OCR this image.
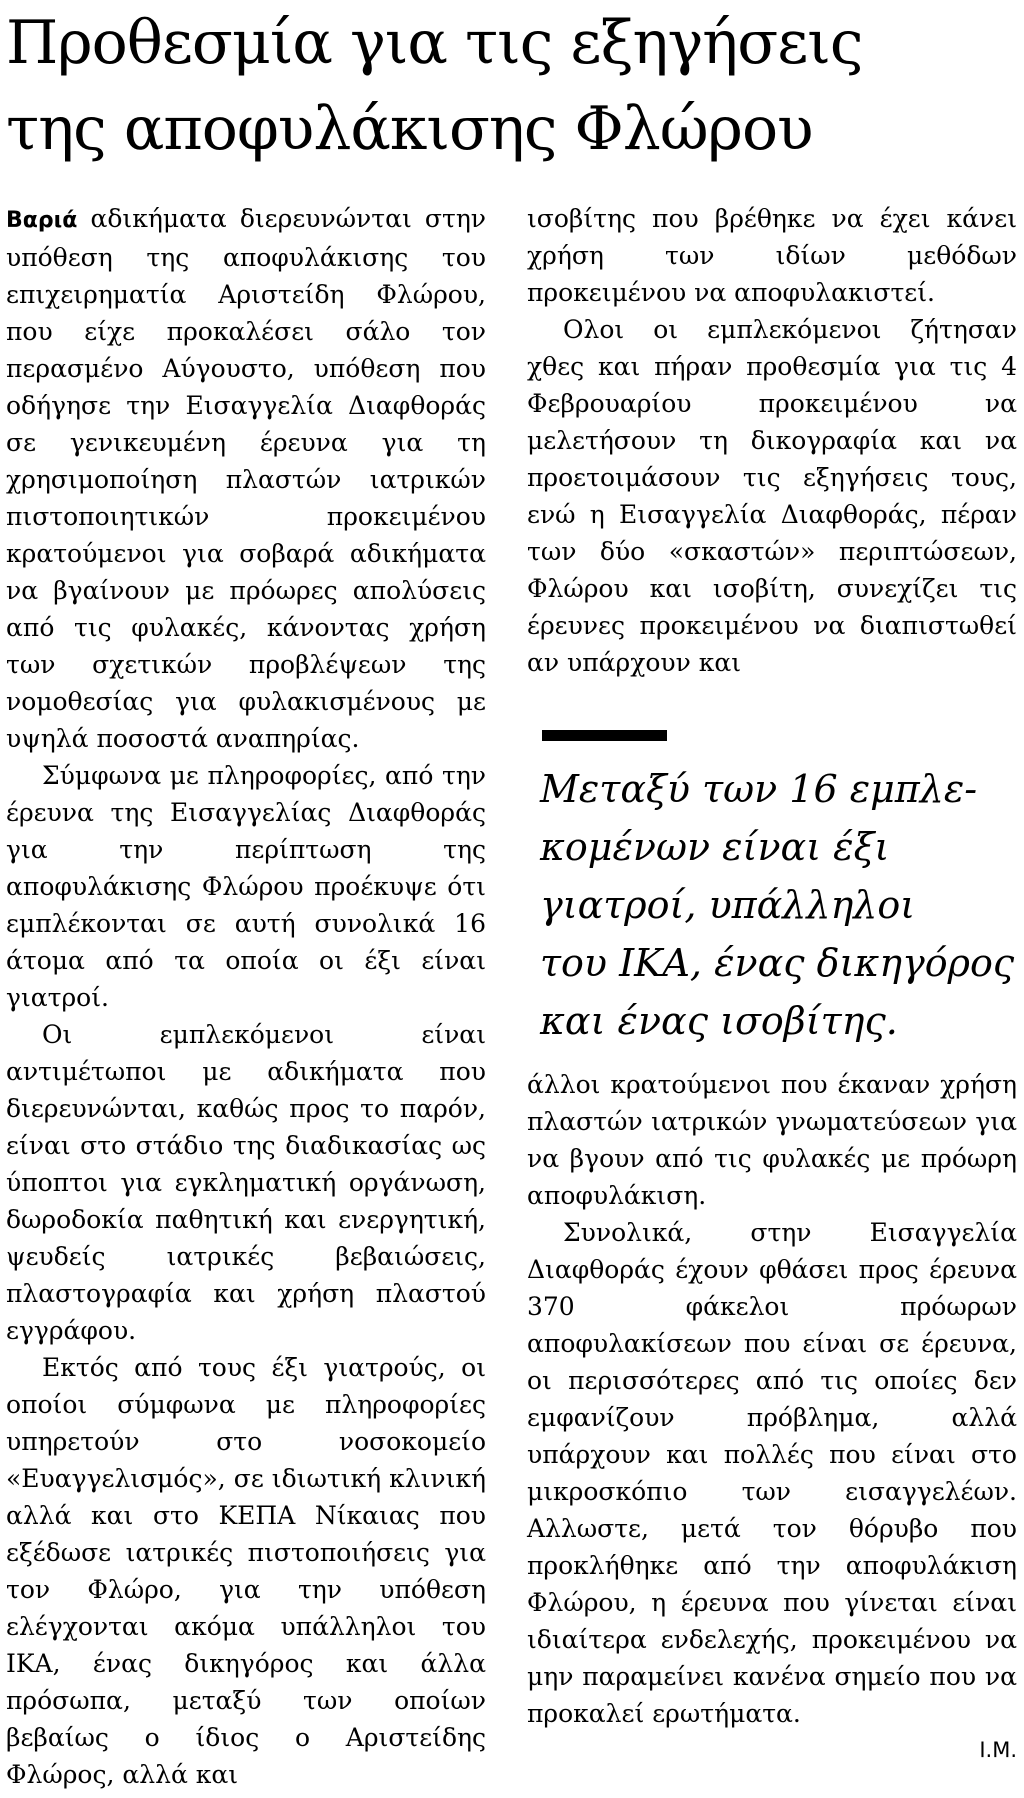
Προθεσμία για τις εξηγήσεις
της αποφυλάκισης Φλώρου

Βαριά αδικήματα διερευνώνται στην υπόθεση της αποφυλάκισης του επιχειρηματία Αριστείδη Φλώρου, που είχε προκαλέσει σάλο τον περασμένο Αύγουστο, υπόθεση που οδήγησε την Εισαγγελία Διαφθοράς σε γενικευμένη έρευνα για τη χρησιμοποίηση πλαστών ιατρικών πιστοποιητικών προκειμένου κρατούμενοι για σοβαρά αδικήματα να βγαίνουν με πρόωρες απολύσεις από τις φυλακές, κάνοντας χρήση των σχετικών προβλέψεων της νομοθεσίας για φυλακισμένους με υψηλά ποσοστά αναπηρίας.

Σύμφωνα με πληροφορίες, από την έρευνα της Εισαγγελίας Διαφθοράς για την περίπτωση της αποφυλάκισης Φλώρου προέκυψε ότι εμπλέκονται σε αυτή συνολικά 16 άτομα από τα οποία οι έξι είναι γιατροί.

Οι εμπλεκόμενοι είναι αντιμέτωποι με αδικήματα που διερευνώνται, καθώς προς το παρόν, είναι στο στάδιο της διαδικασίας ως ύποπτοι για εγκληματική οργάνωση, δωροδοκία παθητική και ενεργητική, ψευδείς ιατρικές βεβαιώσεις, πλαστογραφία και χρήση πλαστού εγγράφου.

Εκτός από τους έξι γιατρούς, οι οποίοι σύμφωνα με πληροφορίες υπηρετούν στο νοσοκομείο «Ευαγγελισμός», σε ιδιωτική κλινική αλλά και στο ΚΕΠΑ Νίκαιας που εξέδωσε ιατρικές πιστοποιήσεις για τον Φλώρο, για την υπόθεση ελέγχονται ακόμα υπάλληλοι του ΙΚΑ, ένας δικηγόρος και άλλα πρόσωπα, μεταξύ των οποίων βεβαίως ο ίδιος ο Αριστείδης Φλώρος, αλλά και

ισοβίτης που βρέθηκε να έχει κάνει χρήση των ιδίων μεθόδων προκειμένου να αποφυλακιστεί.

Ολοι οι εμπλεκόμενοι ζήτησαν χθες και πήραν προθεσμία για τις 4 Φεβρουαρίου προκειμένου να μελετήσουν τη δικογραφία και να προετοιμάσουν τις εξηγήσεις τους, ενώ η Εισαγγελία Διαφθοράς, πέραν των δύο «σκαστών» περιπτώσεων, Φλώρου και ισοβίτη, συνεχίζει τις έρευνες προκειμένου να διαπιστωθεί αν υπάρχουν και

Μεταξύ των 16 εμπλε-
κομένων είναι έξι
γιατροί, υπάλληλοι
του ΙΚΑ, ένας δικηγόρος
και ένας ισοβίτης.

άλλοι κρατούμενοι που έκαναν χρήση πλαστών ιατρικών γνωματεύσεων για να βγουν από τις φυλακές με πρόωρη αποφυλάκιση.

Συνολικά, στην Εισαγγελία Διαφθοράς έχουν φθάσει προς έρευνα 370 φάκελοι πρόωρων αποφυλακίσεων που είναι σε έρευνα, οι περισσότερες από τις οποίες δεν εμφανίζουν πρόβλημα, αλλά υπάρχουν και πολλές που είναι στο μικροσκόπιο των εισαγγελέων. Αλλωστε, μετά τον θόρυβο που προκλήθηκε από την αποφυλάκιση Φλώρου, η έρευνα που γίνεται είναι ιδιαίτερα ενδελεχής, προκειμένου να μην παραμείνει κανένα σημείο που να προκαλεί ερωτήματα.

Ι.Μ.
